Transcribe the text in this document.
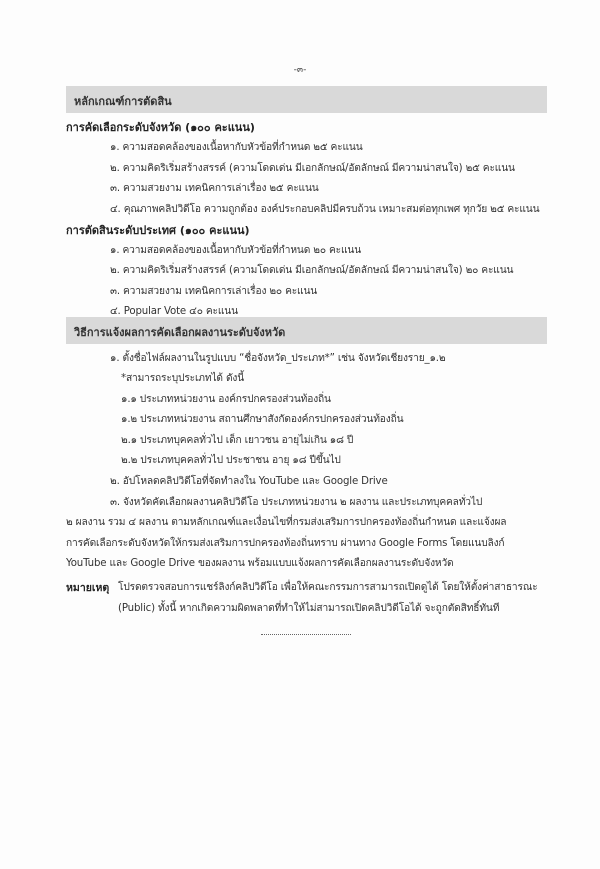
-๓-
หลักเกณฑ์การตัดสิน
การคัดเลือกระดับจังหวัด (๑๐๐ คะแนน)
๑. ความสอดคล้องของเนื้อหากับหัวข้อที่กำหนด ๒๕ คะแนน
๒. ความคิดริเริ่มสร้างสรรค์ (ความโดดเด่น มีเอกลักษณ์/อัตลักษณ์ มีความน่าสนใจ) ๒๕ คะแนน
๓. ความสวยงาม เทคนิคการเล่าเรื่อง ๒๕ คะแนน
๔. คุณภาพคลิปวิดีโอ ความถูกต้อง องค์ประกอบคลิปมีครบถ้วน เหมาะสมต่อทุกเพศ ทุกวัย ๒๕ คะแนน
การตัดสินระดับประเทศ (๑๐๐ คะแนน)
๑. ความสอดคล้องของเนื้อหากับหัวข้อที่กำหนด ๒๐ คะแนน
๒. ความคิดริเริ่มสร้างสรรค์ (ความโดดเด่น มีเอกลักษณ์/อัตลักษณ์ มีความน่าสนใจ) ๒๐ คะแนน
๓. ความสวยงาม เทคนิคการเล่าเรื่อง ๒๐ คะแนน
๔. Popular Vote ๔๐ คะแนน
วิธีการแจ้งผลการคัดเลือกผลงานระดับจังหวัด
๑. ตั้งชื่อไฟล์ผลงานในรูปแบบ “ชื่อจังหวัด_ประเภท*” เช่น จังหวัดเชียงราย_๑.๒
*สามารถระบุประเภทได้ ดังนี้
๑.๑ ประเภทหน่วยงาน องค์กรปกครองส่วนท้องถิ่น
๑.๒ ประเภทหน่วยงาน สถานศึกษาสังกัดองค์กรปกครองส่วนท้องถิ่น
๒.๑ ประเภทบุคคลทั่วไป เด็ก เยาวชน อายุไม่เกิน ๑๘ ปี
๒.๒ ประเภทบุคคลทั่วไป ประชาชน อายุ ๑๘ ปีขึ้นไป
๒. อัปโหลดคลิปวิดีโอที่จัดทำลงใน YouTube และ Google Drive
๓. จังหวัดคัดเลือกผลงานคลิปวิดีโอ ประเภทหน่วยงาน ๒ ผลงาน และประเภทบุคคลทั่วไป
๒ ผลงาน รวม ๔ ผลงาน ตามหลักเกณฑ์และเงื่อนไขที่กรมส่งเสริมการปกครองท้องถิ่นกำหนด และแจ้งผล
การคัดเลือกระดับจังหวัดให้กรมส่งเสริมการปกครองท้องถิ่นทราบ ผ่านทาง Google Forms โดยแนบลิงก์
YouTube และ Google Drive ของผลงาน พร้อมแบบแจ้งผลการคัดเลือกผลงานระดับจังหวัด
หมายเหตุ โปรดตรวจสอบการแชร์ลิงก์คลิปวิดีโอ เพื่อให้คณะกรรมการสามารถเปิดดูได้ โดยให้ตั้งค่าสาธารณะ
(Public) ทั้งนี้ หากเกิดความผิดพลาดที่ทำให้ไม่สามารถเปิดคลิปวิดีโอได้ จะถูกตัดสิทธิ์ทันที
